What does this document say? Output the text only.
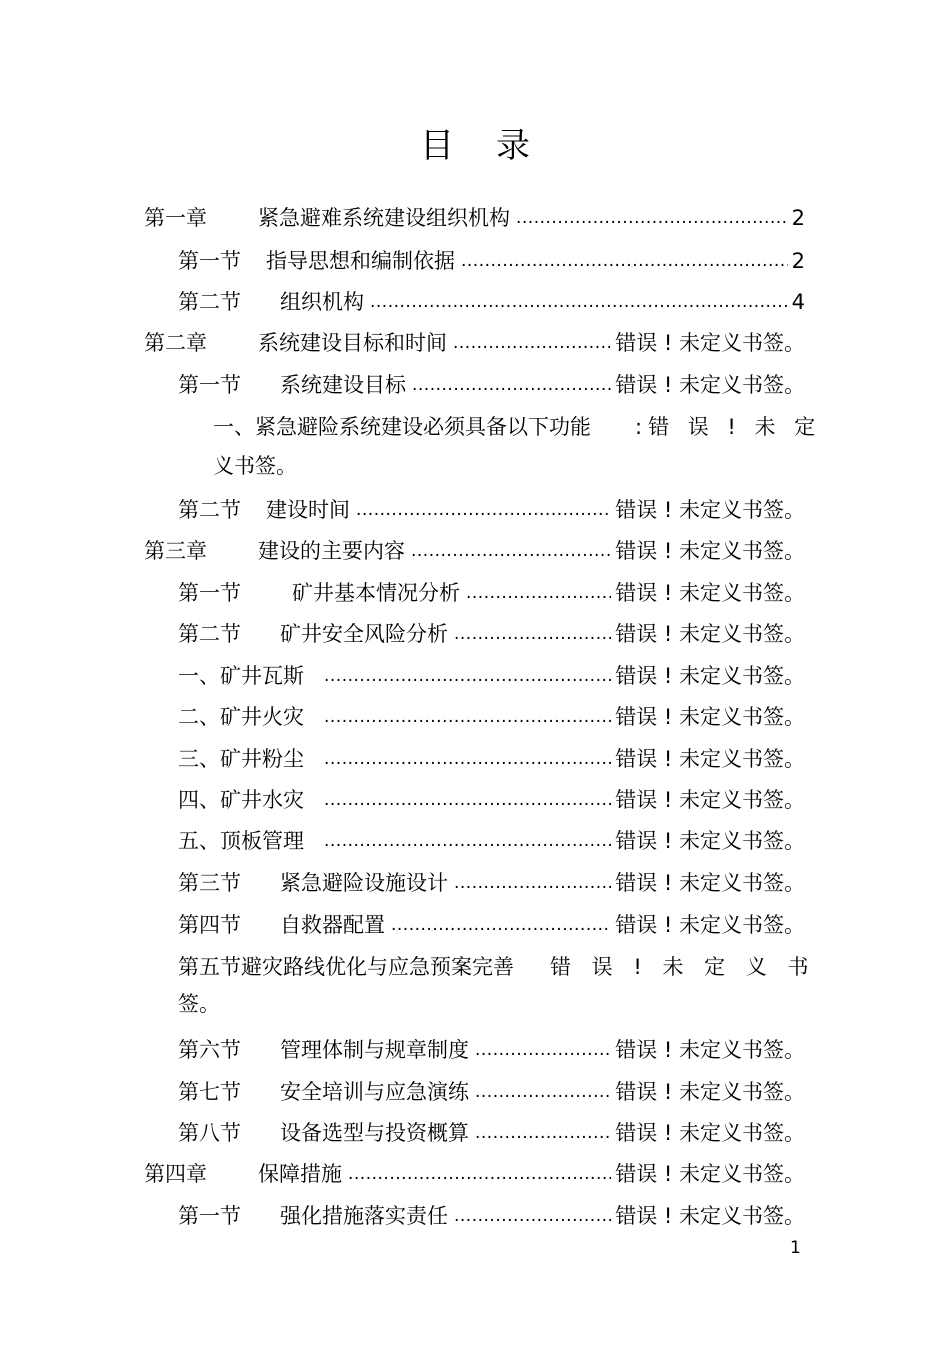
目 录
第一章	紧急避难系统建设组织机构 .....	2
第一节	指导思想和编制依据 .....	2
第二节	组织机构 .....	4
第二章	系统建设目标和时间 .....	错误 ! 未定义书签。
第一节	系统建设目标 .....	错误 ! 未定义书签。
一、 紧急避险系统建设必须具备以下功能 :错 误 ! 未 定
义书签。
第二节	建设时间 .....	错误 ! 未定义书签。
第三章	建设的主要内容 .....	错误 ! 未定义书签。
第一节	矿井基本情况分析 .....	错误 ! 未定义书签。
第二节	矿井安全风险分析 .....	错误 ! 未定义书签。
一、 矿井瓦斯 .....	错误 ! 未定义书签。
二、 矿井火灾 .....	错误 ! 未定义书签。
三、 矿井粉尘 .....	错误 ! 未定义书签。
四、 矿井水灾 .....	错误 ! 未定义书签。
五、 顶板管理 .....	错误 ! 未定义书签。
第三节	紧急避险设施设计 .....	错误 ! 未定义书签。
第四节	自救器配置 .....	错误 ! 未定义书签。
第五节 避灾路线优化与应急预案完善 错 误 ! 未 定 义 书
签。
第六节	管理体制与规章制度 .....	错误 ! 未定义书签。
第七节	安全培训与应急演练 .....	错误 ! 未定义书签。
第八节	设备选型与投资概算 .....	错误 ! 未定义书签。
第四章	保障措施 .....	错误 ! 未定义书签。
第一节	强化措施落实责任 .....	错误 ! 未定义书签。
1
